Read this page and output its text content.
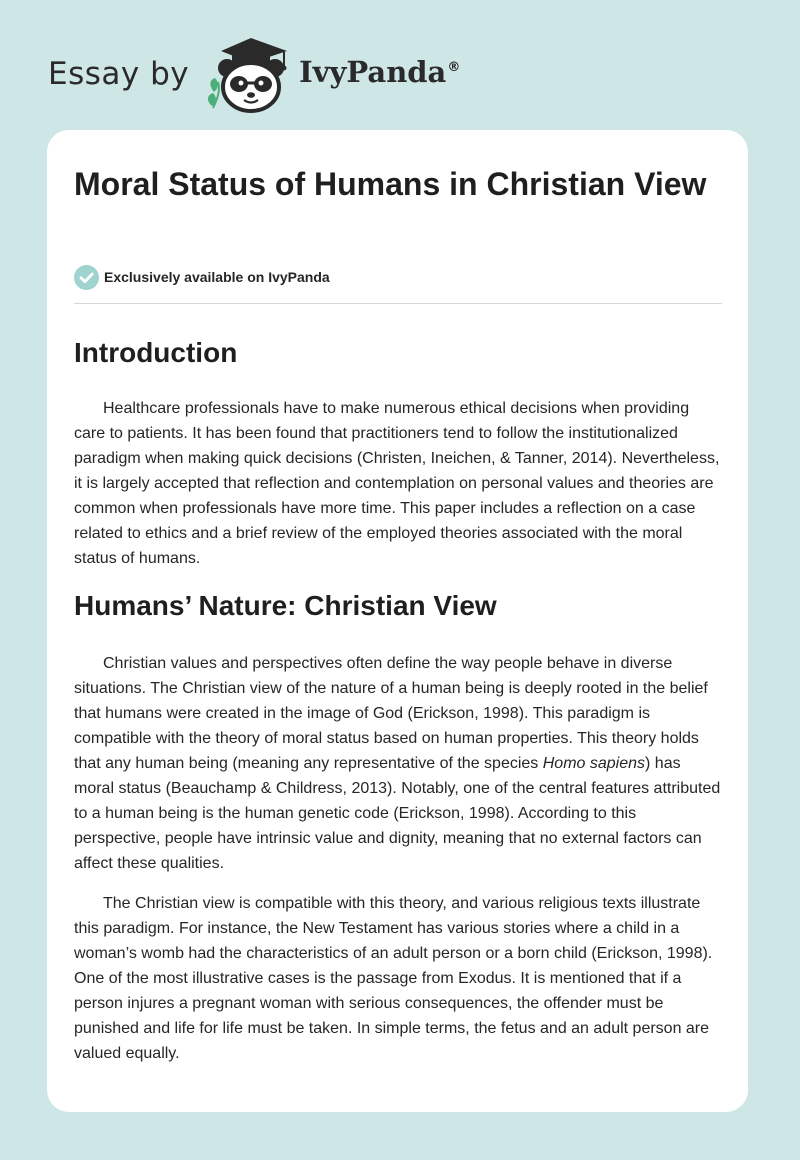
Essay by	IvyPanda®
Moral Status of Humans in Christian View
Exclusively available on IvyPanda
Introduction

Healthcare professionals have to make numerous ethical decisions when providing care to patients. It has been found that practitioners tend to follow the institutionalized paradigm when making quick decisions (Christen, Ineichen, & Tanner, 2014). Nevertheless, it is largely accepted that reflection and contemplation on personal values and theories are common when professionals have more time. This paper includes a reflection on a case related to ethics and a brief review of the employed theories associated with the moral status of humans.

Humans’ Nature: Christian View

Christian values and perspectives often define the way people behave in diverse situations. The Christian view of the nature of a human being is deeply rooted in the belief that humans were created in the image of God (Erickson, 1998). This paradigm is compatible with the theory of moral status based on human properties. This theory holds that any human being (meaning any representative of the species Homo sapiens) has moral status (Beauchamp & Childress, 2013). Notably, one of the central features attributed to a human being is the human genetic code (Erickson, 1998). According to this perspective, people have intrinsic value and dignity, meaning that no external factors can affect these qualities.

The Christian view is compatible with this theory, and various religious texts illustrate this paradigm. For instance, the New Testament has various stories where a child in a woman’s womb had the characteristics of an adult person or a born child (Erickson, 1998). One of the most illustrative cases is the passage from Exodus. It is mentioned that if a person injures a pregnant woman with serious consequences, the offender must be punished and life for life must be taken. In simple terms, the fetus and an adult person are valued equally.
